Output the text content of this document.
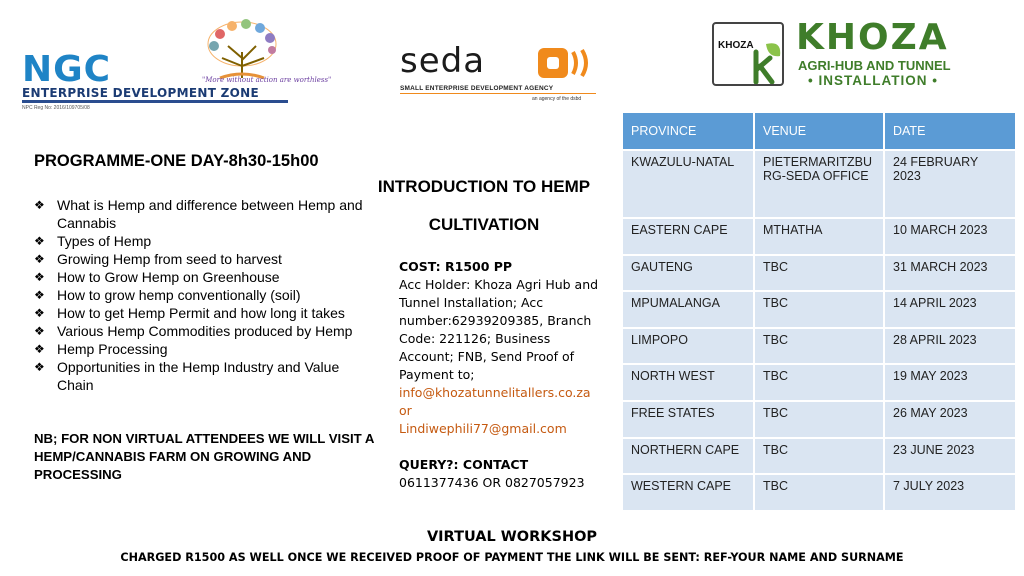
"More without action are worthless"
NGC
ENTERPRISE DEVELOPMENT ZONE
NPC Reg No: 2016/109705/08
seda
SMALL ENTERPRISE DEVELOPMENT AGENCY
an agency of the dsbd
KHOZA KHOZA
AGRI-HUB AND TUNNEL
• INSTALLATION •
PROGRAMME-ONE DAY-8h30-15h00
❖ What is Hemp and difference between Hemp and Cannabis
❖ Types of Hemp
❖ Growing Hemp from seed to harvest
❖ How to Grow Hemp on Greenhouse
❖ How to grow hemp conventionally (soil)
❖ How to get Hemp Permit and how long it takes
❖ Various Hemp Commodities produced by Hemp
❖ Hemp Processing
❖ Opportunities in the Hemp Industry and Value Chain
NB; FOR NON VIRTUAL ATTENDEES WE WILL VISIT A HEMP/CANNABIS FARM ON GROWING AND PROCESSING
INTRODUCTION TO HEMP
CULTIVATION
COST: R1500 PP
Acc Holder: Khoza Agri Hub and Tunnel Installation; Acc number:62939209385, Branch Code: 221126; Business Account; FNB, Send Proof of Payment to;
info@khozatunnelitallers.co.za or
Lindiwephili77@gmail.com
QUERY?: CONTACT
0611377436 OR 0827057923
PROVINCE	VENUE	DATE
KWAZULU-NATAL	PIETERMARITZBURG-SEDA OFFICE	24 FEBRUARY 2023
EASTERN CAPE	MTHATHA	10 MARCH 2023
GAUTENG	TBC	31 MARCH 2023
MPUMALANGA	TBC	14 APRIL 2023
LIMPOPO	TBC	28 APRIL 2023
NORTH WEST	TBC	19 MAY 2023
FREE STATES	TBC	26 MAY 2023
NORTHERN CAPE	TBC	23 JUNE 2023
WESTERN CAPE	TBC	7 JULY 2023
VIRTUAL WORKSHOP
CHARGED R1500 AS WELL ONCE WE RECEIVED PROOF OF PAYMENT THE LINK WILL BE SENT: REF-YOUR NAME AND SURNAME
